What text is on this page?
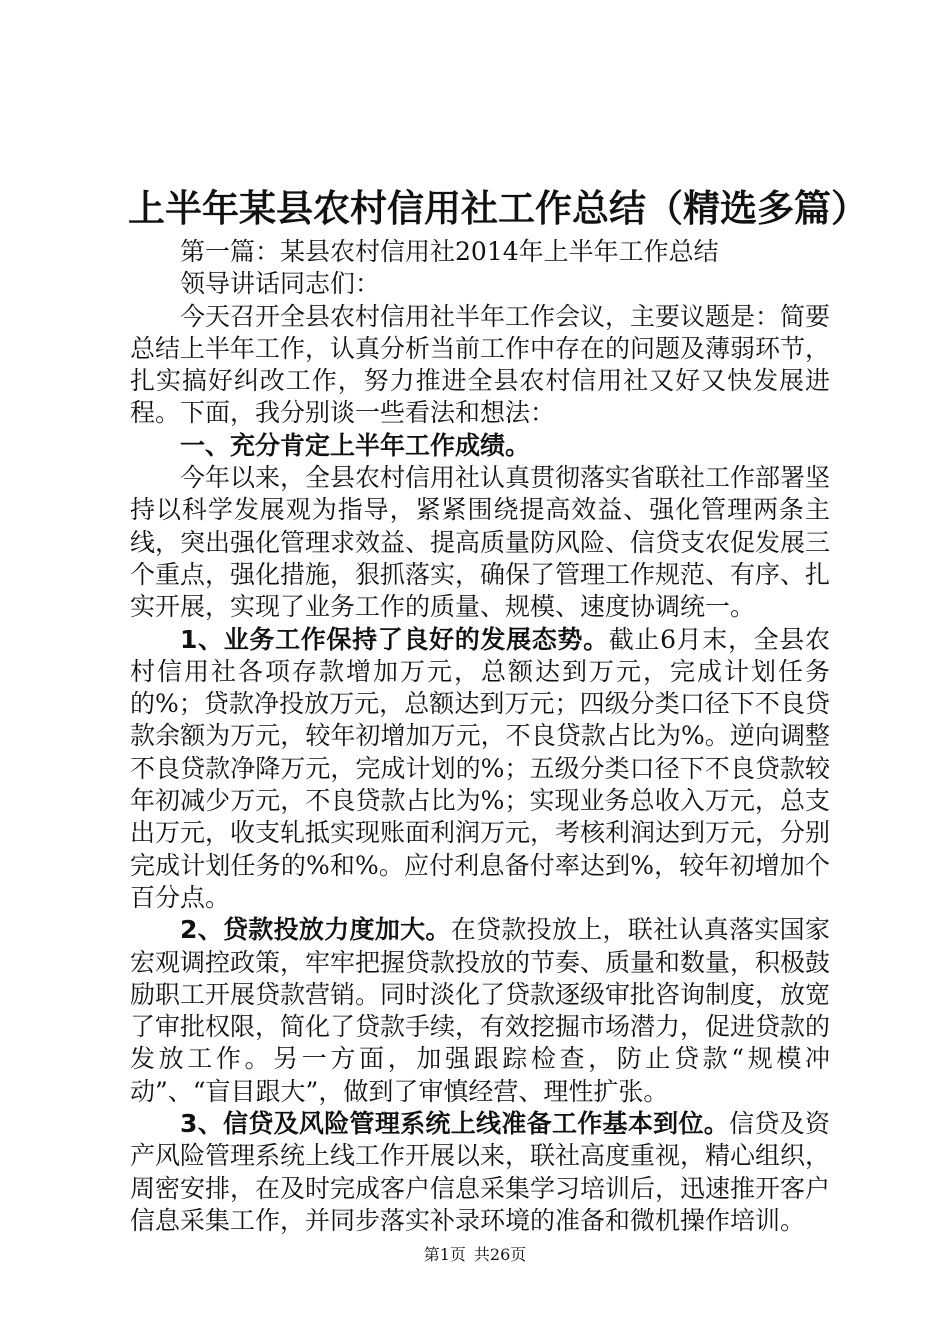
上半年某县农村信用社工作总结（精选多篇）

第一篇：某县农村信用社2014年上半年工作总结

领导讲话同志们：

今天召开全县农村信用社半年工作会议，主要议题是：简要总结上半年工作，认真分析当前工作中存在的问题及薄弱环节，扎实搞好纠改工作，努力推进全县农村信用社又好又快发展进程。下面，我分别谈一些看法和想法：

一、充分肯定上半年工作成绩。

今年以来，全县农村信用社认真贯彻落实省联社工作部署坚持以科学发展观为指导，紧紧围绕提高效益、强化管理两条主线，突出强化管理求效益、提高质量防风险、信贷支农促发展三个重点，强化措施，狠抓落实，确保了管理工作规范、有序、扎实开展，实现了业务工作的质量、规模、速度协调统一。

1、业务工作保持了良好的发展态势。截止6月末，全县农村信用社各项存款增加万元，总额达到万元，完成计划任务的%；贷款净投放万元，总额达到万元；四级分类口径下不良贷款余额为万元，较年初增加万元，不良贷款占比为%。逆向调整不良贷款净降万元，完成计划的%；五级分类口径下不良贷款较年初减少万元，不良贷款占比为%；实现业务总收入万元，总支出万元，收支轧抵实现账面利润万元，考核利润达到万元，分别完成计划任务的%和%。应付利息备付率达到%，较年初增加个百分点。

2、贷款投放力度加大。在贷款投放上，联社认真落实国家宏观调控政策，牢牢把握贷款投放的节奏、质量和数量，积极鼓励职工开展贷款营销。同时淡化了贷款逐级审批咨询制度，放宽了审批权限，简化了贷款手续，有效挖掘市场潜力，促进贷款的发放工作。另一方面，加强跟踪检查，防止贷款“规模冲动”、“盲目跟大”，做到了审慎经营、理性扩张。

3、信贷及风险管理系统上线准备工作基本到位。信贷及资产风险管理系统上线工作开展以来，联社高度重视，精心组织，周密安排，在及时完成客户信息采集学习培训后，迅速推开客户信息采集工作，并同步落实补录环境的准备和微机操作培训。

第1页 共26页
